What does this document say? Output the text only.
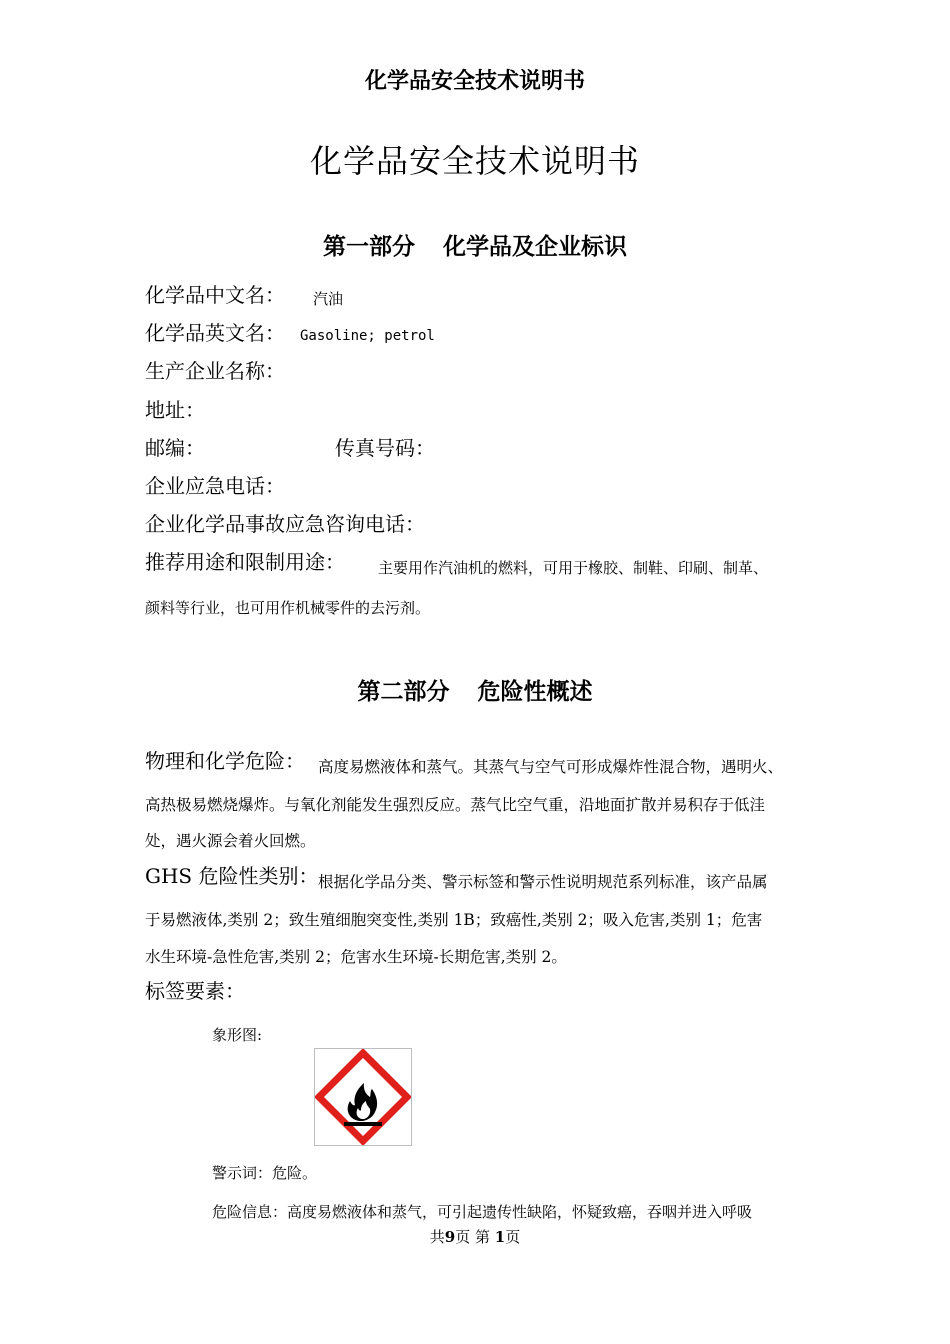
化学品安全技术说明书
化学品安全技术说明书
第一部分 化学品及企业标识
化学品中文名： 汽油
化学品英文名： Gasoline; petrol
生产企业名称：
地址：
邮编：	传真号码：
企业应急电话：
企业化学品事故应急咨询电话：
推荐用途和限制用途： 主要用作汽油机的燃料，可用于橡胶、制鞋、印刷、制革、
颜料等行业，也可用作机械零件的去污剂。
第二部分 危险性概述
物理和化学危险： 高度易燃液体和蒸气。其蒸气与空气可形成爆炸性混合物，遇明火、
高热极易燃烧爆炸。与氧化剂能发生强烈反应。蒸气比空气重，沿地面扩散并易积存于低洼
处，遇火源会着火回燃。
GHS 危险性类别： 根据化学品分类、警示标签和警示性说明规范系列标准，该产品属
于易燃液体,类别 2；致生殖细胞突变性,类别 1B；致癌性,类别 2；吸入危害,类别 1；危害
水生环境-急性危害,类别 2；危害水生环境-长期危害,类别 2。
标签要素：
象形图:
警示词：危险。
危险信息：高度易燃液体和蒸气，可引起遗传性缺陷，怀疑致癌，吞咽并进入呼吸
共9页 第 1页
